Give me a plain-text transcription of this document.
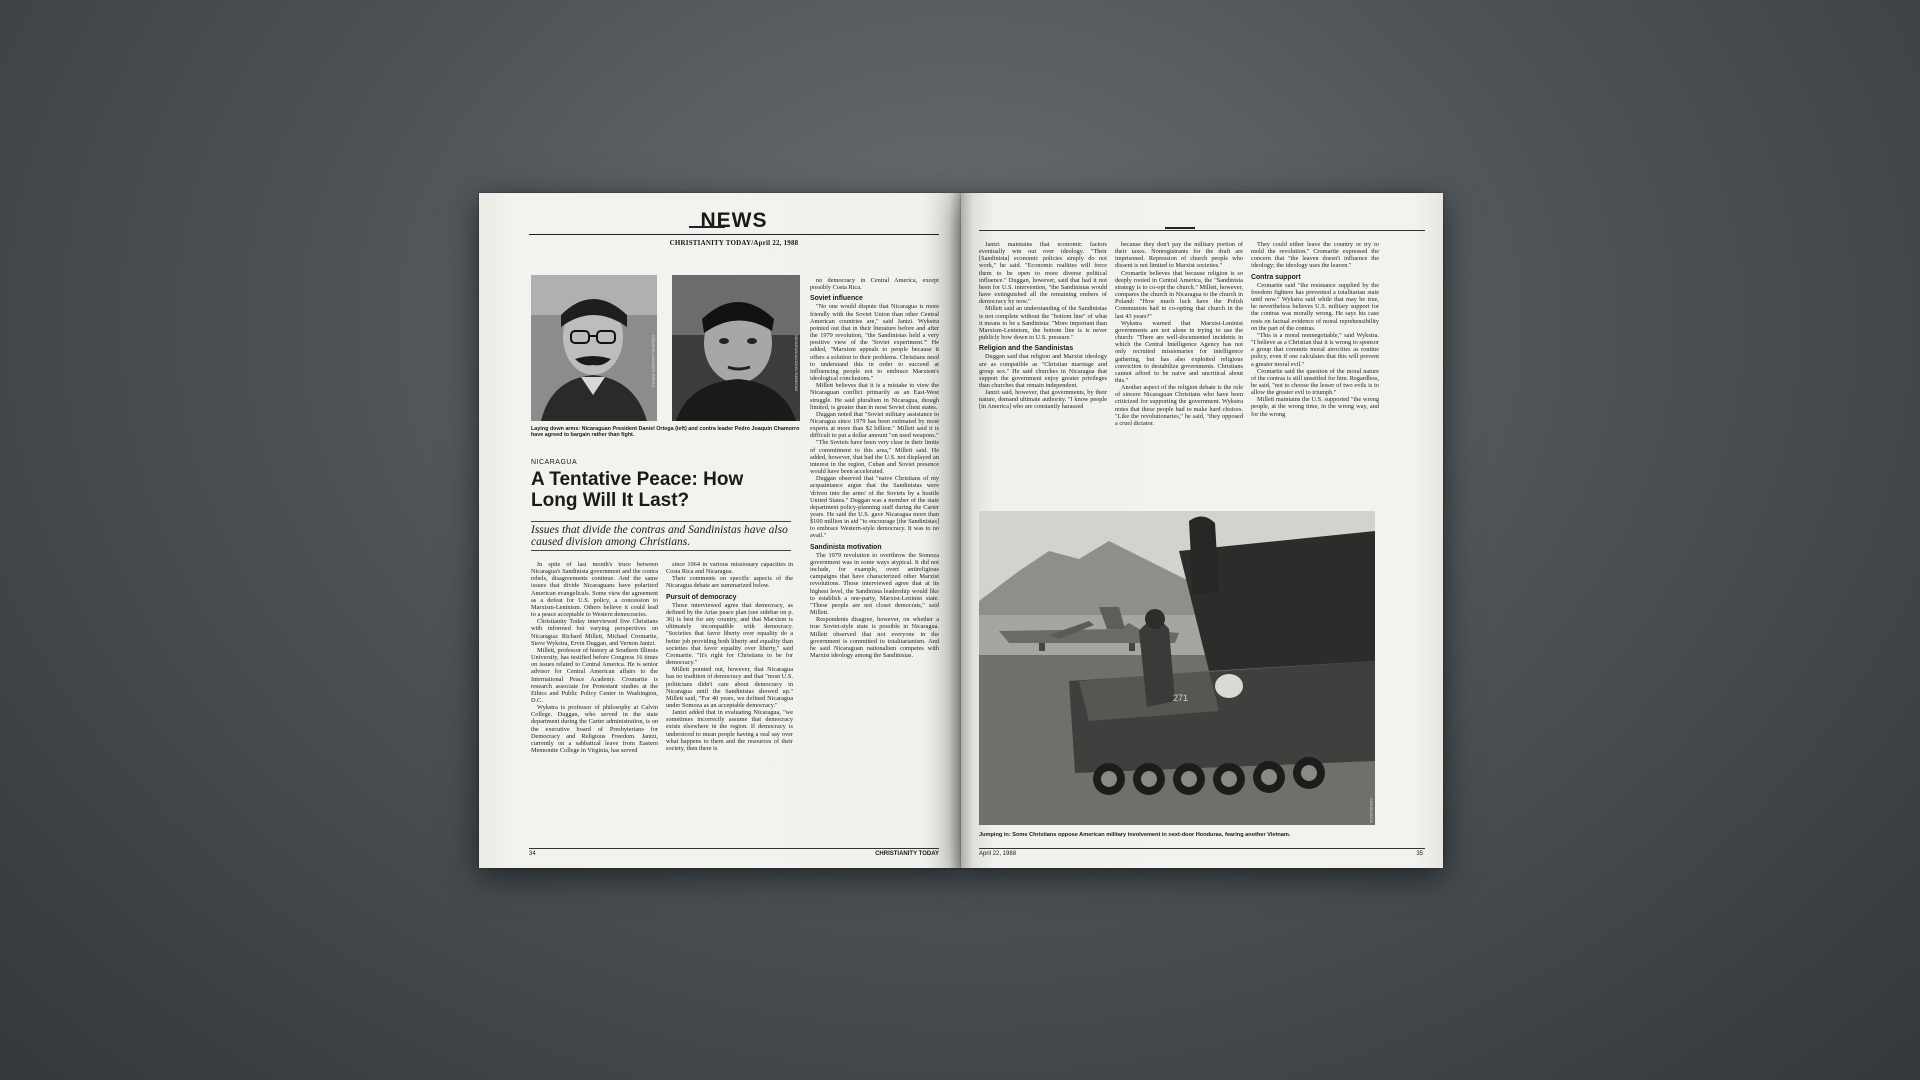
NEWS
CHRISTIANITY TODAY/April 22, 1988
CRANFIELD/ANDES PRESS	NICARAGUA/JOHN SIMMONS
Laying down arms: Nicaraguan President Daniel Ortega (left) and contra leader Pedro Joaquín Chamorro have agreed to bargain rather than fight.
NICARAGUA
A Tentative Peace: How Long Will It Last?
Issues that divide the contras and Sandinistas have also caused division among Christians.

In spite of last month's truce between Nicaragua's Sandinista government and the contra rebels, disagreements continue. And the same issues that divide Nicaraguans have polarized American evangelicals. Some view the agreement as a defeat for U.S. policy, a concession to Marxism-Leninism. Others believe it could lead to a peace acceptable to Western democracies.

Christianity Today interviewed five Christians with informed but varying perspectives on Nicaragua: Richard Millett, Michael Cromartie, Steve Wykstra, Ervin Duggan, and Vernon Jantzi.

Millett, professor of history at Southern Illinois University, has testified before Congress 16 times on issues related to Central America. He is senior advisor for Central American affairs to the International Peace Academy. Cromartie is research associate for Protestant studies at the Ethics and Public Policy Center in Washington, D.C.

Wykstra is professor of philosophy at Calvin College. Duggan, who served in the state department during the Carter administration, is on the executive board of Presbyterians for Democracy and Religious Freedom. Jantzi, currently on a sabbatical leave from Eastern Mennonite College in Virginia, has served

since 1964 in various missionary capacities in Costa Rica and Nicaragua.

Their comments on specific aspects of the Nicaragua debate are summarized below.

Pursuit of democracy

Those interviewed agree that democracy, as defined by the Arias peace plan (see sidebar on p. 36) is best for any country, and that Marxism is ultimately incompatible with democracy. "Societies that favor liberty over equality do a better job providing both liberty and equality than societies that favor equality over liberty," said Cromartie. "It's right for Christians to be for democracy."

Millett pointed out, however, that Nicaragua has no tradition of democracy and that "most U.S. politicians didn't care about democracy in Nicaragua until the Sandinistas showed up." Millett said, "For 40 years, we defined Nicaragua under Somoza as an acceptable democracy."

Jantzi added that in evaluating Nicaragua, "we sometimes incorrectly assume that democracy exists elsewhere in the region. If democracy is understood to mean people having a real say over what happens to them and the resources of their society, then there is

no democracy in Central America, except possibly Costa Rica.

Soviet influence

"No one would dispute that Nicaragua is more friendly with the Soviet Union than other Central American countries are," said Jantzi. Wykstra pointed out that in their literature before and after the 1979 revolution, "the Sandinistas held a very positive view of the 'Soviet experiment.'" He added, "Marxism appeals to people because it offers a solution to their problems. Christians need to understand this in order to succeed at influencing people not to embrace Marxism's ideological conclusions."

Millett believes that it is a mistake to view the Nicaraguan conflict primarily as an East-West struggle. He said pluralism in Nicaragua, though limited, is greater than in most Soviet client states.

Duggan noted that "Soviet military assistance to Nicaragua since 1979 has been estimated by most experts at more than $2 billion." Millett said it is difficult to put a dollar amount "on used weapons."

"The Soviets have been very clear in their limits of commitment to this area," Millett said. He added, however, that had the U.S. not displayed an interest in the region, Cuban and Soviet presence would have been accelerated.

Duggan observed that "naive Christians of my acquaintance argue that the Sandinistas were 'driven into the arms' of the Soviets by a hostile United States." Duggan was a member of the state department policy-planning staff during the Carter years. He said the U.S. gave Nicaragua more than $100 million in aid "to encourage [the Sandinistas] to embrace Western-style democracy. It was to no avail."

Sandinista motivation

The 1979 revolution to overthrow the Somoza government was in some ways atypical. It did not include, for example, overt antireligious campaigns that have characterized other Marxist revolutions. Those interviewed agree that at its highest level, the Sandinista leadership would like to establish a one-party, Marxist-Leninist state. "These people are not closet democrats," said Millett.

Respondents disagree, however, on whether a true Soviet-style state is possible in Nicaragua. Millett observed that not everyone in the government is committed to totalitarianism. And he said Nicaraguan nationalism competes with Marxist ideology among the Sandinistas.

34	CHRISTIANITY TODAY

Jantzi maintains that economic factors eventually win out over ideology. "Their [Sandinista] economic policies simply do not work," he said. "Economic realities will force them to be open to more diverse political influence." Duggan, however, said that had it not been for U.S. intervention, "the Sandinistas would have extinguished all the remaining embers of democracy by now."

Millett said an understanding of the Sandinistas is not complete without the "bottom line" of what it means to be a Sandinista: "More important than Marxism-Leninism, the bottom line is is never publicly bow down to U.S. pressure."

Religion and the Sandinistas

Duggan said that religion and Marxist ideology are as compatible as "Christian marriage and group sex." He said churches in Nicaragua that support the government enjoy greater privileges than churches that remain independent.

Jantzi said, however, that governments, by their nature, demand ultimate authority. "I know people [in America] who are constantly harassed

because they don't pay the military portion of their taxes. Nonregistrants for the draft are imprisoned. Repression of church people who dissent is not limited to Marxist societies."

Cromartie believes that because religion is so deeply rooted in Central America, the "Sandinista strategy is to co-opt the church." Millett, however, compares the church in Nicaragua to the church in Poland: "How much luck have the Polish Communists had in co-opting that church in the last 43 years?"

Wykstra warned that Marxist-Leninist governments are not alone in trying to use the church: "There are well-documented incidents in which the Central Intelligence Agency has not only recruited missionaries for intelligence gathering, but has also exploited religious conviction to destabilize governments. Christians cannot afford to be naive and uncritical about this."

Another aspect of the religion debate is the role of sincere Nicaraguan Christians who have been criticized for supporting the government. Wykstra notes that these people had to make hard choices. "Like the revolutionaries," he said, "they opposed a cruel dictator.

They could either leave the country or try to mold the revolution." Cromartie expressed the concern that "the leaven doesn't influence the ideology; the ideology uses the leaven."

Contra support

Cromartie said "the resistance supplied by the freedom fighters has prevented a totalitarian state until now." Wykstra said while that may be true, he nevertheless believes U.S. military support for the contras was morally wrong. He says his case rests on factual evidence of moral reprehensibility on the part of the contras.

"This is a moral nonnegotiable," said Wykstra. "I believe as a Christian that it is wrong to sponsor a group that commits moral atrocities as routine policy, even if one calculates that this will prevent a greater moral evil."

Cromartie said the question of the moral nature of the contras is still unsettled for him. Regardless, he said, "not to choose the lesser of two evils is to allow the greater evil to triumph."

Millett maintains the U.S. supported "the wrong people, at the wrong time, in the wrong way, and for the wrong

271
SIPA/GARCIA
Jumping in: Some Christians oppose American military involvement in next-door Honduras, fearing another Vietnam.
April 22, 1988	35
